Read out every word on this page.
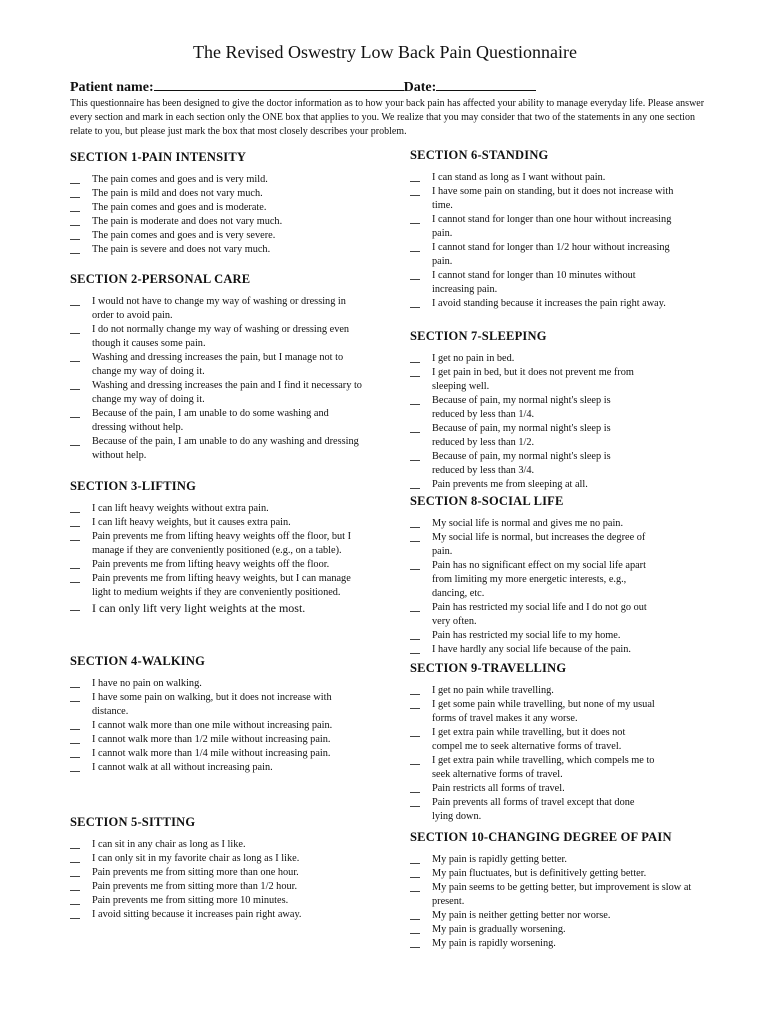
The Revised Oswestry Low Back Pain Questionnaire
Patient name:	Date:
This questionnaire has been designed to give the doctor information as to how your back pain has affected your ability to manage everyday life. Please answer every section and mark in each section only the ONE box that applies to you. We realize that you may consider that two of the statements in any one section relate to you, but please just mark the box that most closely describes your problem.
SECTION 1-PAIN INTENSITY
The pain comes and goes and is very mild.
The pain is mild and does not vary much.
The pain comes and goes and is moderate.
The pain is moderate and does not vary much.
The pain comes and goes and is very severe.
The pain is severe and does not vary much.
SECTION 2-PERSONAL CARE
I would not have to change my way of washing or dressing in order to avoid pain.
I do not normally change my way of washing or dressing even though it causes some pain.
Washing and dressing increases the pain, but I manage not to change my way of doing it.
Washing and dressing increases the pain and I find it necessary to change my way of doing it.
Because of the pain, I am unable to do some washing and dressing without help.
Because of the pain, I am unable to do any washing and dressing without help.
SECTION 3-LIFTING
I can lift heavy weights without extra pain.
I can lift heavy weights, but it causes extra pain.
Pain prevents me from lifting heavy weights off the floor, but I manage if they are conveniently positioned (e.g., on a table).
Pain prevents me from lifting heavy weights off the floor.
Pain prevents me from lifting heavy weights, but I can manage light to medium weights if they are conveniently positioned.
I can only lift very light weights at the most.
SECTION 4-WALKING
I have no pain on walking.
I have some pain on walking, but it does not increase with distance.
I cannot walk more than one mile without increasing pain.
I cannot walk more than 1/2 mile without increasing pain.
I cannot walk more than 1/4 mile without increasing pain.
I cannot walk at all without increasing pain.
SECTION 5-SITTING
I can sit in any chair as long as I like.
I can only sit in my favorite chair as long as I like.
Pain prevents me from sitting more than one hour.
Pain prevents me from sitting more than 1/2 hour.
Pain prevents me from sitting more 10 minutes.
I avoid sitting because it increases pain right away.
SECTION 6-STANDING
I can stand as long as I want without pain.
I have some pain on standing, but it does not increase with time.
I cannot stand for longer than one hour without increasing pain.
I cannot stand for longer than 1/2 hour without increasing pain.
I cannot stand for longer than 10 minutes without increasing pain.
I avoid standing because it increases the pain right away.
SECTION 7-SLEEPING
I get no pain in bed.
I get pain in bed, but it does not prevent me from sleeping well.
Because of pain, my normal night's sleep is reduced by less than 1/4.
Because of pain, my normal night's sleep is reduced by less than 1/2.
Because of pain, my normal night's sleep is reduced by less than 3/4.
Pain prevents me from sleeping at all.
SECTION 8-SOCIAL LIFE
My social life is normal and gives me no pain.
My social life is normal, but increases the degree of pain.
Pain has no significant effect on my social life apart from limiting my more energetic interests, e.g., dancing, etc.
Pain has restricted my social life and I do not go out very often.
Pain has restricted my social life to my home.
I have hardly any social life because of the pain.
SECTION 9-TRAVELLING
I get no pain while travelling.
I get some pain while travelling, but none of my usual forms of travel makes it any worse.
I get extra pain while travelling, but it does not compel me to seek alternative forms of travel.
I get extra pain while travelling, which compels me to seek alternative forms of travel.
Pain restricts all forms of travel.
Pain prevents all forms of travel except that done lying down.
SECTION 10-CHANGING DEGREE OF PAIN
My pain is rapidly getting better.
My pain fluctuates, but is definitively getting better.
My pain seems to be getting better, but improvement is slow at present.
My pain is neither getting better nor worse.
My pain is gradually worsening.
My pain is rapidly worsening.
